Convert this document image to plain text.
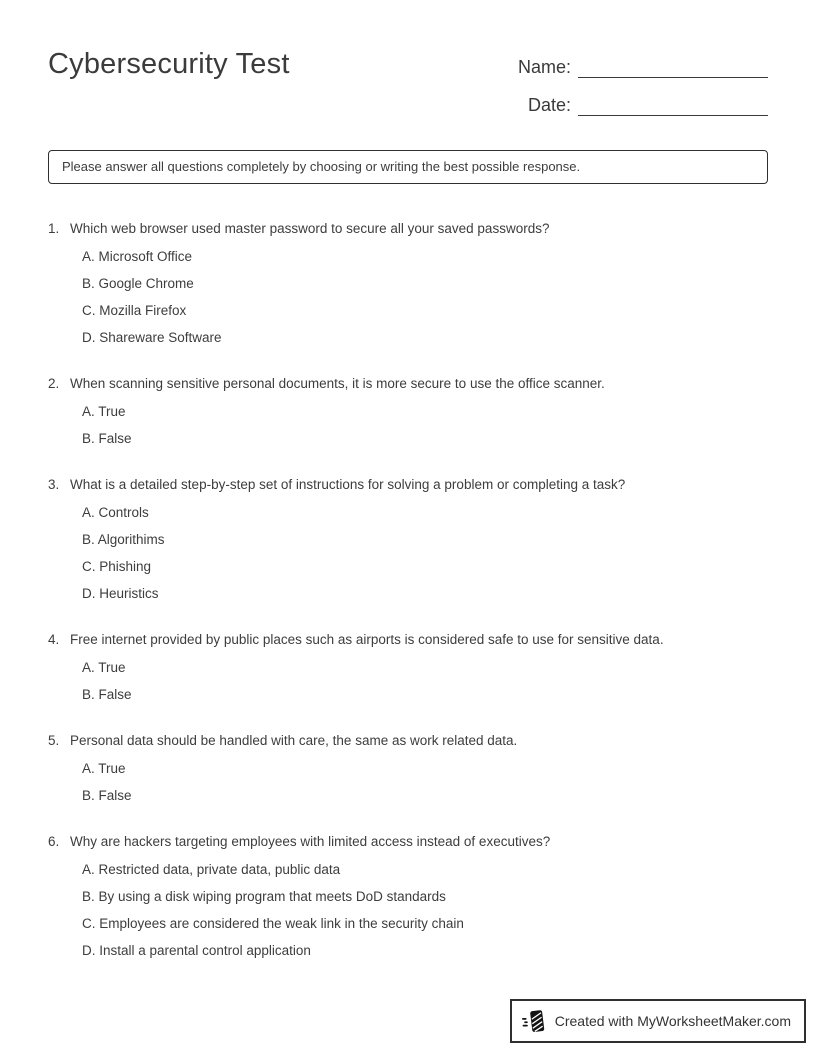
Cybersecurity Test	Name:
Date:
Please answer all questions completely by choosing or writing the best possible response.
1. Which web browser used master password to secure all your saved passwords?
A. Microsoft Office
B. Google Chrome
C. Mozilla Firefox
D. Shareware Software
2. When scanning sensitive personal documents, it is more secure to use the office scanner.
A. True
B. False
3. What is a detailed step-by-step set of instructions for solving a problem or completing a task?
A. Controls
B. Algorithims
C. Phishing
D. Heuristics
4. Free internet provided by public places such as airports is considered safe to use for sensitive data.
A. True
B. False
5. Personal data should be handled with care, the same as work related data.
A. True
B. False
6. Why are hackers targeting employees with limited access instead of executives?
A. Restricted data, private data, public data
B. By using a disk wiping program that meets DoD standards
C. Employees are considered the weak link in the security chain
D. Install a parental control application
Created with MyWorksheetMaker.com
